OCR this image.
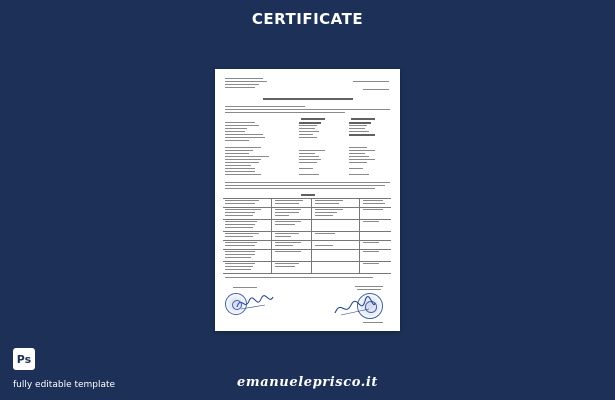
CERTIFICATE
Ps
fully editable template	emanueleprisco.it
